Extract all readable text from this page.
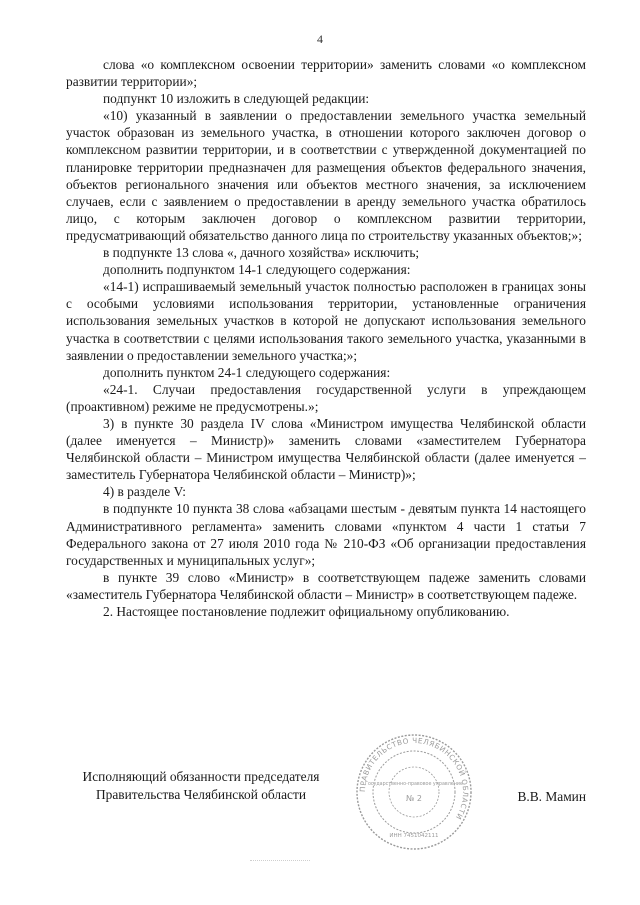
4

слова «о комплексном освоении территории» заменить словами «о комплексном развитии территории»;

подпункт 10 изложить в следующей редакции:

«10) указанный в заявлении о предоставлении земельного участка земельный участок образован из земельного участка, в отношении которого заключен договор о комплексном развитии территории, и в соответствии с утвержденной документацией по планировке территории предназначен для размещения объектов федерального значения, объектов регионального значения или объектов местного значения, за исключением случаев, если с заявлением о предоставлении в аренду земельного участка обратилось лицо, с которым заключен договор о комплексном развитии территории, предусматривающий обязательство данного лица по строительству указанных объектов;»;

в подпункте 13 слова «, дачного хозяйства» исключить;

дополнить подпунктом 14-1 следующего содержания:

«14-1) испрашиваемый земельный участок полностью расположен в границах зоны с особыми условиями использования территории, установленные ограничения использования земельных участков в которой не допускают использования земельного участка в соответствии с целями использования такого земельного участка, указанными в заявлении о предоставлении земельного участка;»;

дополнить пунктом 24-1 следующего содержания:

«24-1. Случаи предоставления государственной услуги в упреждающем (проактивном) режиме не предусмотрены.»;

3) в пункте 30 раздела IV слова «Министром имущества Челябинской области (далее именуется – Министр)» заменить словами «заместителем Губернатора Челябинской области – Министром имущества Челябинской области (далее именуется – заместитель Губернатора Челябинской области – Министр)»;

4) в разделе V:

в подпункте 10 пункта 38 слова «абзацами шестым - девятым пункта 14 настоящего Административного регламента» заменить словами «пунктом 4 части 1 статьи 7 Федерального закона от 27 июля 2010 года № 210-ФЗ «Об организации предоставления государственных и муниципальных услуг»;

в пункте 39 слово «Министр» в соответствующем падеже заменить словами «заместитель Губернатора Челябинской области – Министр» в соответствующем падеже.

2. Настоящее постановление подлежит официальному опубликованию.

Исполняющий обязанности председателя
Правительства Челябинской области	В.В. Мамин
ПРАВИТЕЛЬСТВО ЧЕЛЯБИНСКОЙ ОБЛАСТИ
ИНН 7451042111
Государственно-правовое управление
№ 2
